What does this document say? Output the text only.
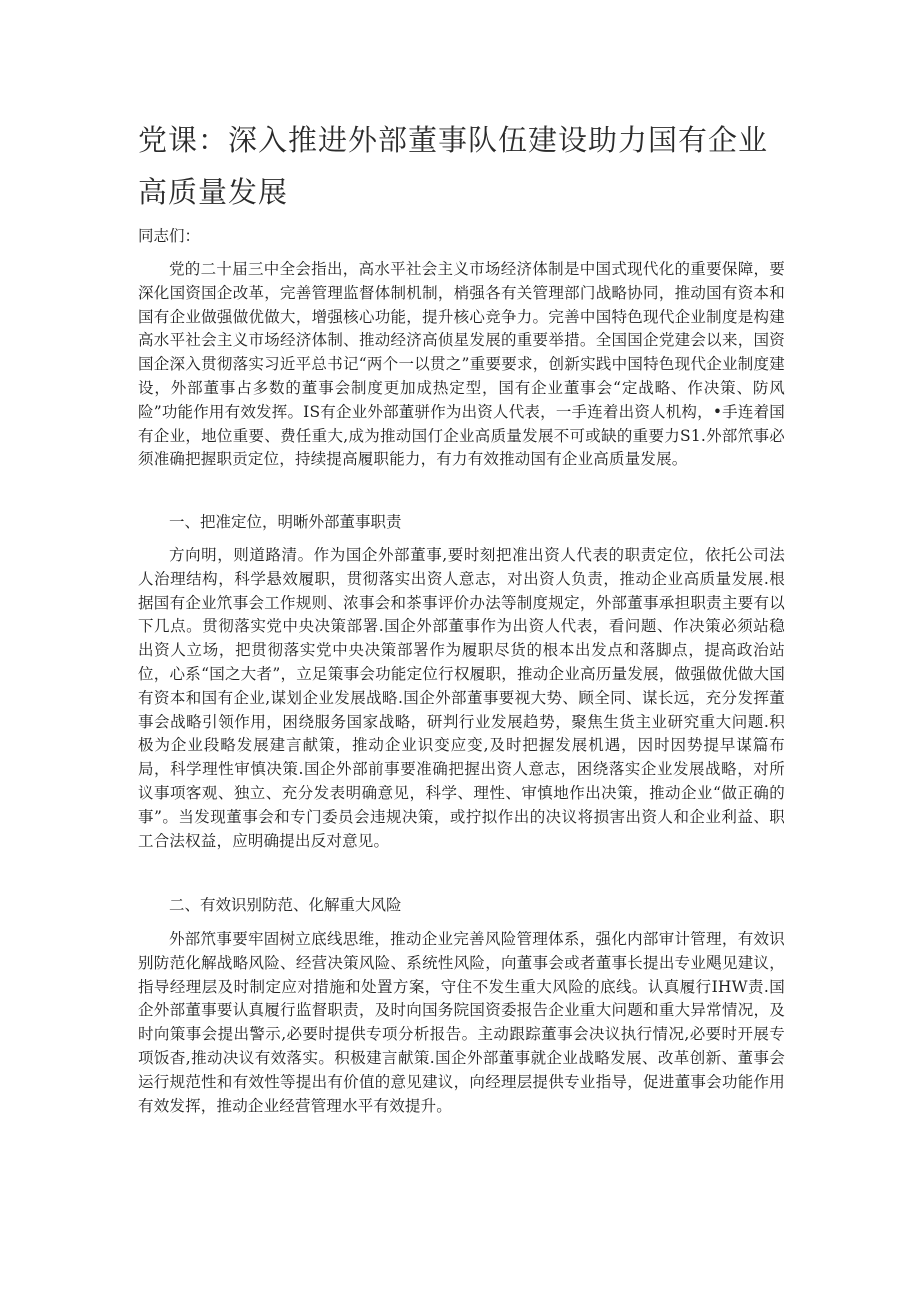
党课：深入推进外部董事队伍建设助力国有企业高质量发展

同志们：

党的二十届三中全会指出，高水平社会主义市场经济体制是中国式现代化的重要保障，要深化国资国企改革，完善管理监督体制机制，梢强各有关管理部门战略协同，推动国有资本和国有企业做强做优做大，增强核心功能，提升核心竞争力。完善中国特色现代企业制度是构建高水平社会主义市场经济体制、推动经济高侦星发展的重要举措。全国国企党建会以来，国资国企深入贯彻落实习近平总书记“两个一以贯之”重要要求，创新实践中国特色现代企业制度建设，外部董事占多数的董事会制度更加成热定型，国有企业董事会“定战略、作决策、防风险”功能作用有效发挥。IS有企业外部董骈作为出资人代表，一手连着出资人机构，•手连着国有企业，地位重要、费任重大,成为推动国仃企业高质量发展不可或缺的重要力S1.外部笊事必须准确把握职贡定位，持续提高履职能力，有力有效推动国有企业高质量发展。

一、把准定位，明晰外部董事职责

方向明，则道路清。作为国企外部董事,要时刻把准出资人代表的职责定位，依托公司法人治理结构，科学悬效履职，贯彻落实出资人意志，对出资人负责，推动企业高质量发展.根据国有企业笊事会工作规则、浓事会和茶事评价办法等制度规定，外部董事承担职责主要有以下几点。贯彻落实党中央决策部署.国企外部董事作为出资人代表，看问题、作决策必须站稳出资人立场，把贯彻落实党中央决策部署作为履职尽货的根本出发点和落脚点，提高政治站位，心系“国之大者”，立足策事会功能定位行权履职，推动企业高历量发展，做强做优做大国有资本和国有企业,谋划企业发展战略.国企外部董事要视大势、顾全同、谋长远，充分发挥董事会战略引领作用，困绕服务国家战略，研判行业发展趋势，聚焦生货主业研究重大问题.积极为企业段略发展建言献策，推动企业识变应变,及时把握发展机遇，因时因势提早谋篇布局，科学理性审慎决策.国企外部前事要准确把握出资人意志，困绕落实企业发展战略，对所议事项客观、独立、充分发表明确意见，科学、理性、审慎地作出决策，推动企业“做正确的事”。当发现董事会和专门委员会违规决策，或拧拟作出的决议将损害出资人和企业利益、职工合法权益，应明确提出反对意见。

二、有效识别防范、化解重大风险

外部笊事要牢固树立底线思维，推动企业完善风险管理体系，强化内部审计管理，有效识别防范化解战略风险、经营决策风险、系统性风险，向董事会或者董事长提出专业飓见建议，指导经理层及时制定应对措施和处置方案，守住不发生重大风险的底线。认真履行IHW责.国企外部董事要认真履行监督职责，及时向国务院国资委报告企业重大问题和重大异常情况，及时向策事会提出警示,必要时提供专项分析报告。主动跟踪董事会决议执行情况,必要时开展专项饭杳,推动决议有效落实。积极建言献策.国企外部董事就企业战略发展、改革创新、董事会运行规范性和有效性等提出有价值的意见建议，向经理层提供专业指导，促进董事会功能作用有效发挥，推动企业经营管理水平有效提升。
